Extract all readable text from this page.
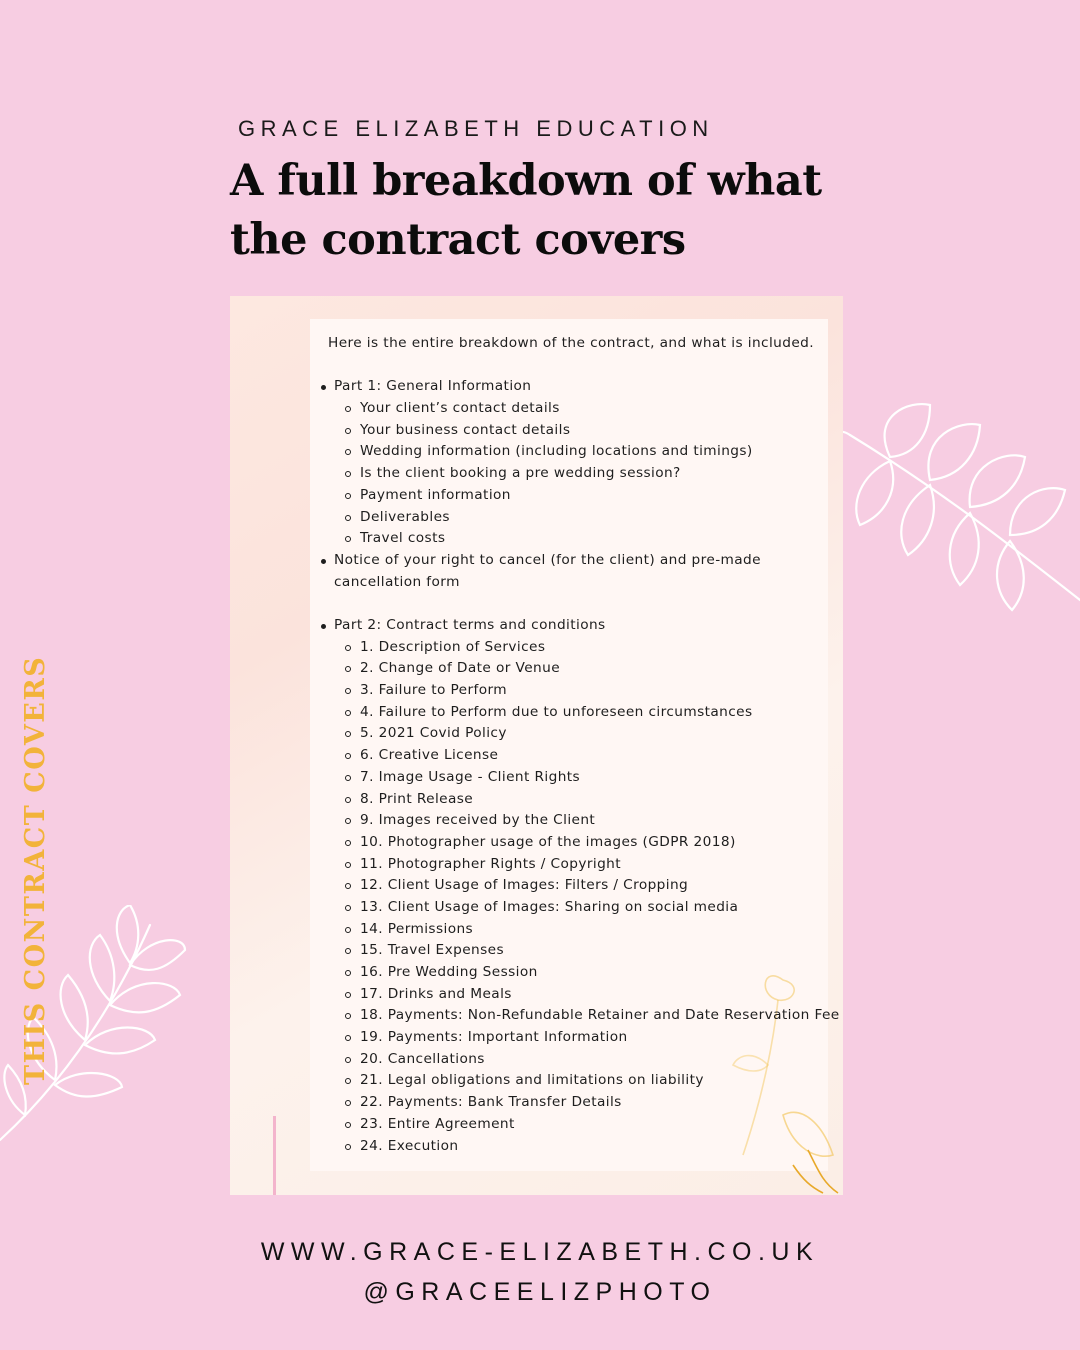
GRACE ELIZABETH EDUCATION
A full breakdown of what the contract covers
THIS CONTRACT COVERS
Here is the entire breakdown of the contract, and what is included.
Part 1: General Information
Your client’s contact details
Your business contact details
Wedding information (including locations and timings)
Is the client booking a pre wedding session?
Payment information
Deliverables
Travel costs
Notice of your right to cancel (for the client) and pre-made cancellation form
Part 2: Contract terms and conditions
1. Description of Services
2. Change of Date or Venue
3. Failure to Perform
4. Failure to Perform due to unforeseen circumstances
5. 2021 Covid Policy
6. Creative License
7. Image Usage - Client Rights
8. Print Release
9. Images received by the Client
10. Photographer usage of the images (GDPR 2018)
11. Photographer Rights / Copyright
12. Client Usage of Images: Filters / Cropping
13. Client Usage of Images: Sharing on social media
14. Permissions
15. Travel Expenses
16. Pre Wedding Session
17. Drinks and Meals
18. Payments: Non-Refundable Retainer and Date Reservation Fee
19. Payments: Important Information
20. Cancellations
21. Legal obligations and limitations on liability
22. Payments: Bank Transfer Details
23. Entire Agreement
24. Execution
WWW.GRACE-ELIZABETH.CO.UK
@GRACEELIZPHOTO
